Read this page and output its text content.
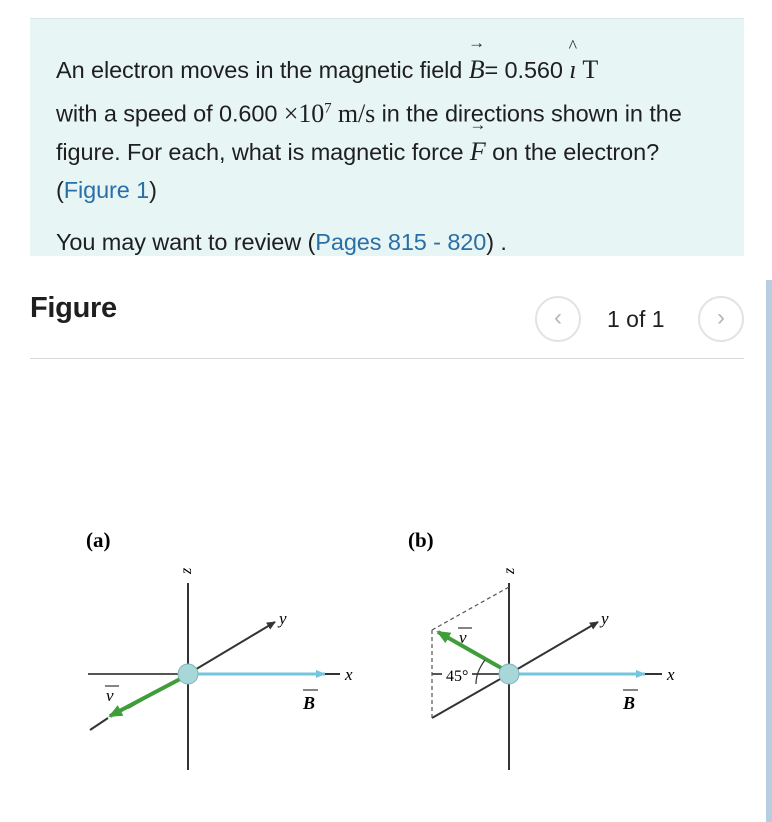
An electron moves in the magnetic field → B= 0.560 ^ ı T
with a speed of $0.600 \times 10^7$ m/s in the directions shown in the figure. For each, what is magnetic force → F on the electron? (Figure 1)

You may want to review (Pages 815 - 820) .

Figure	‹	1 of 1	›
(a)
z
y
x
v	B
(b)
z
y
x
v
45°
B
